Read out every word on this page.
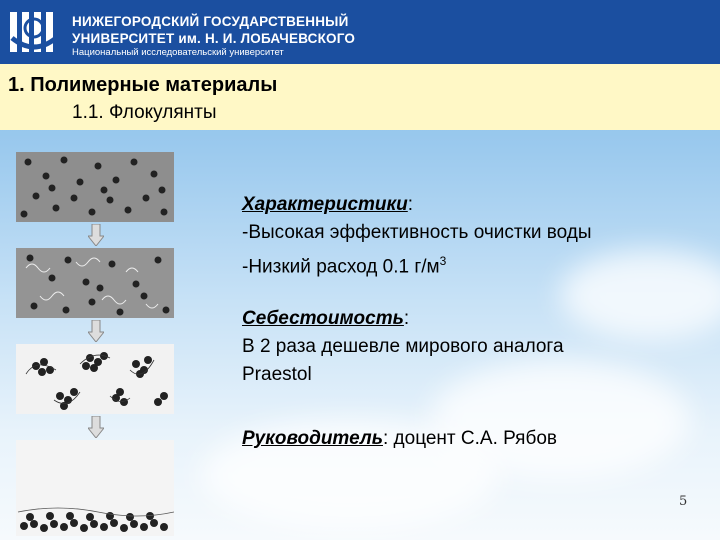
НИЖЕГОРОДСКИЙ ГОСУДАРСТВЕННЫЙ
УНИВЕРСИТЕТ им. Н. И. ЛОБАЧЕВСКОГО
Национальный исследовательский университет
1. Полимерные материалы
1.1. Флокулянты
Характеристики:
-Высокая эффективность очистки воды
-Низкий расход 0.1 $г/м^3$
Себестоимость:
В 2 раза дешевле мирового аналога
Praestol
Руководитель: доцент С.А. Рябов
5
